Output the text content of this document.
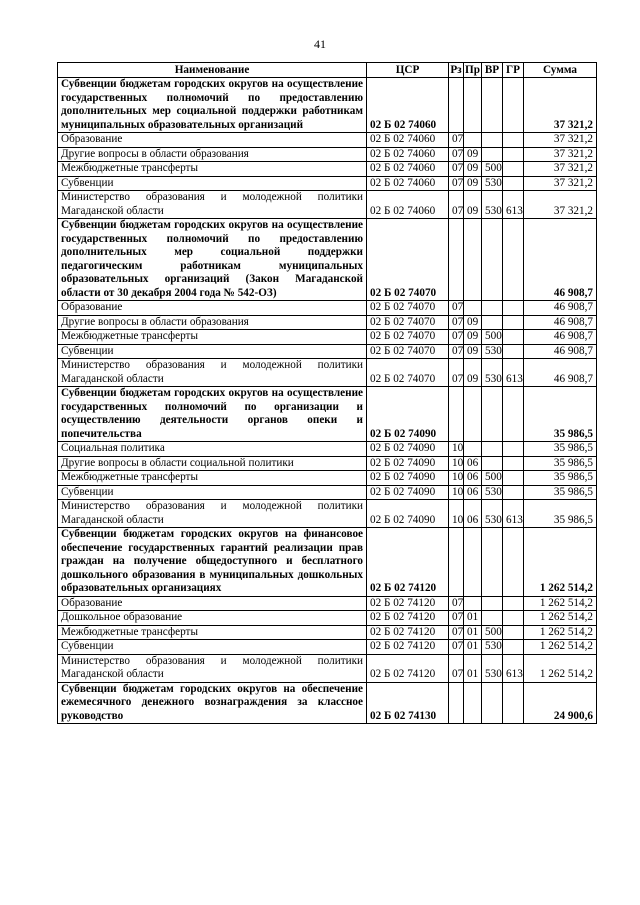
41
Наименование	ЦСР	Рз	Пр	ВР	ГР	Сумма
Субвенции бюджетам городских округов на осуществление государственных полномочий по предоставлению дополнительных мер социальной поддержки работникам муниципальных образовательных организаций	02 Б 02 74060					37 321,2
Образование	02 Б 02 74060	07				37 321,2
Другие вопросы в области образования	02 Б 02 74060	07	09			37 321,2
Межбюджетные трансферты	02 Б 02 74060	07	09	500		37 321,2
Субвенции	02 Б 02 74060	07	09	530		37 321,2
Министерство образования и молодежной политики Магаданской области	02 Б 02 74060	07	09	530	613	37 321,2
Субвенции бюджетам городских округов на осуществление государственных полномочий по предоставлению дополнительных мер социальной поддержки педагогическим работникам муниципальных образовательных организаций (Закон Магаданской области от 30 декабря 2004 года № 542-ОЗ)	02 Б 02 74070					46 908,7
Образование	02 Б 02 74070	07				46 908,7
Другие вопросы в области образования	02 Б 02 74070	07	09			46 908,7
Межбюджетные трансферты	02 Б 02 74070	07	09	500		46 908,7
Субвенции	02 Б 02 74070	07	09	530		46 908,7
Министерство образования и молодежной политики Магаданской области	02 Б 02 74070	07	09	530	613	46 908,7
Субвенции бюджетам городских округов на осуществление государственных полномочий по организации и осуществлению деятельности органов опеки и попечительства	02 Б 02 74090					35 986,5
Социальная политика	02 Б 02 74090	10				35 986,5
Другие вопросы в области социальной политики	02 Б 02 74090	10	06			35 986,5
Межбюджетные трансферты	02 Б 02 74090	10	06	500		35 986,5
Субвенции	02 Б 02 74090	10	06	530		35 986,5
Министерство образования и молодежной политики Магаданской области	02 Б 02 74090	10	06	530	613	35 986,5
Субвенции бюджетам городских округов на финансовое обеспечение государственных гарантий реализации прав граждан на получение общедоступного и бесплатного дошкольного образования в муниципальных дошкольных образовательных организациях	02 Б 02 74120					1 262 514,2
Образование	02 Б 02 74120	07				1 262 514,2
Дошкольное образование	02 Б 02 74120	07	01			1 262 514,2
Межбюджетные трансферты	02 Б 02 74120	07	01	500		1 262 514,2
Субвенции	02 Б 02 74120	07	01	530		1 262 514,2
Министерство образования и молодежной политики Магаданской области	02 Б 02 74120	07	01	530	613	1 262 514,2
Субвенции бюджетам городских округов на обеспечение ежемесячного денежного вознаграждения за классное руководство	02 Б 02 74130					24 900,6
